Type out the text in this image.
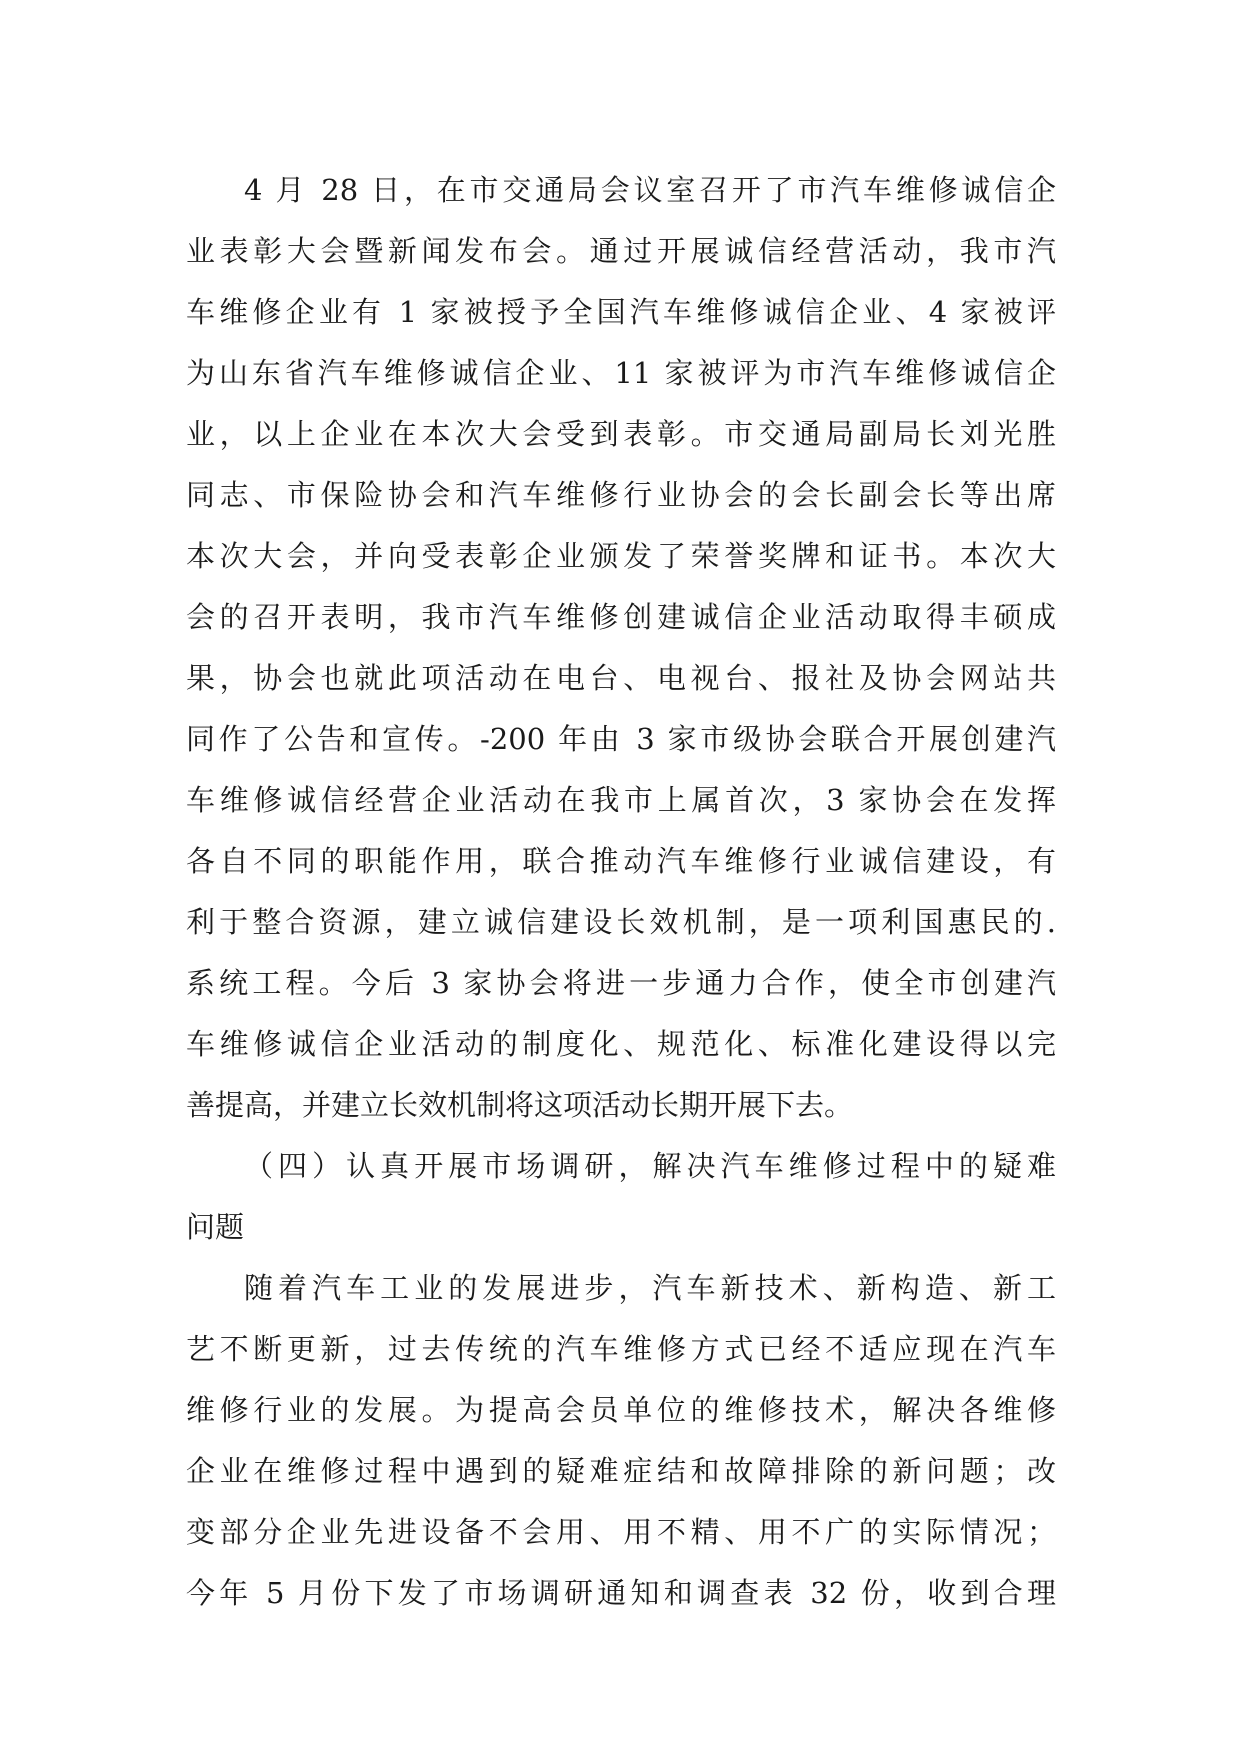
4 月 28 日，在市交通局会议室召开了市汽车维修诚信企
业表彰大会暨新闻发布会。通过开展诚信经营活动，我市汽
车维修企业有 1 家被授予全国汽车维修诚信企业、4 家被评
为山东省汽车维修诚信企业、11 家被评为市汽车维修诚信企
业，以上企业在本次大会受到表彰。市交通局副局长刘光胜
同志、市保险协会和汽车维修行业协会的会长副会长等出席
本次大会，并向受表彰企业颁发了荣誉奖牌和证书。本次大
会的召开表明，我市汽车维修创建诚信企业活动取得丰硕成
果，协会也就此项活动在电台、电视台、报社及协会网站共
同作了公告和宣传。-200 年由 3 家市级协会联合开展创建汽
车维修诚信经营企业活动在我市上属首次，3 家协会在发挥
各自不同的职能作用，联合推动汽车维修行业诚信建设，有
利于整合资源，建立诚信建设长效机制，是一项利国惠民的.
系统工程。今后 3 家协会将进一步通力合作，使全市创建汽
车维修诚信企业活动的制度化、规范化、标准化建设得以完
善提高，并建立长效机制将这项活动长期开展下去。
（四）认真开展市场调研，解决汽车维修过程中的疑难
问题
随着汽车工业的发展进步，汽车新技术、新构造、新工
艺不断更新，过去传统的汽车维修方式已经不适应现在汽车
维修行业的发展。为提高会员单位的维修技术，解决各维修
企业在维修过程中遇到的疑难症结和故障排除的新问题；改
变部分企业先进设备不会用、用不精、用不广的实际情况；
今年 5 月份下发了市场调研通知和调查表 32 份，收到合理
